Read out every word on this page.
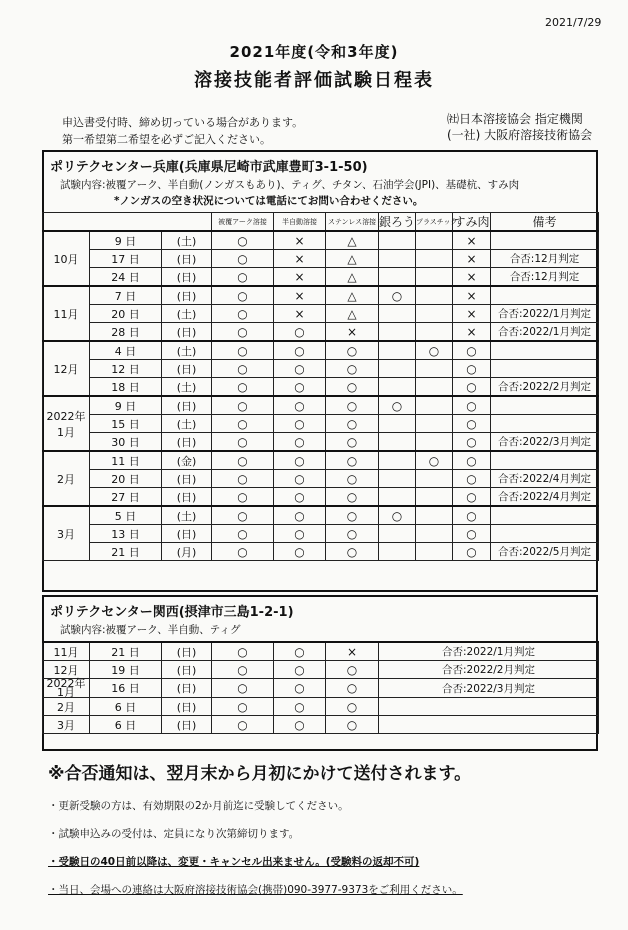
2021/7/29
2021年度(令和3年度)
溶接技能者評価試験日程表
申込書受付時、締め切っている場合があります。
第一希望第二希望を必ずご記入ください。
㈳日本溶接協会 指定機関
(一社) 大阪府溶接技術協会
ポリテクセンター兵庫(兵庫県尼崎市武庫豊町3-1-50)
試験内容:被覆アーク、半自動(ノンガスもあり)、ティグ、チタン、石油学会(JPI)、基礎杭、すみ肉
*ノンガスの空き状況については電話にてお問い合わせください。
			被覆アーク溶接	半自動溶接	ステンレス溶接	銀ろう	プラスチック	すみ肉	備考
10月	9 日	(土)	○	×	△			×	
	17 日	(日)	○	×	△			×	合否:12月判定
	24 日	(日)	○	×	△			×	合否:12月判定
11月	7 日	(日)	○	×	△	○		×	
	20 日	(土)	○	×	△			×	合否:2022/1月判定
	28 日	(日)	○	○	×			×	合否:2022/1月判定
12月	4 日	(土)	○	○	○		○	○	
	12 日	(日)	○	○	○			○	
	18 日	(土)	○	○	○			○	合否:2022/2月判定
2022年
1月	9 日	(日)	○	○	○	○		○	
	15 日	(土)	○	○	○			○	
	30 日	(日)	○	○	○			○	合否:2022/3月判定
2月	11 日	(金)	○	○	○		○	○	
	20 日	(日)	○	○	○			○	合否:2022/4月判定
	27 日	(日)	○	○	○			○	合否:2022/4月判定
3月	5 日	(土)	○	○	○	○		○	
	13 日	(日)	○	○	○			○	
	21 日	(月)	○	○	○			○	合否:2022/5月判定
ポリテクセンター関西(摂津市三島1-2-1)
試験内容:被覆アーク、半自動、ティグ
11月	21 日	(日)	○	○	×	合否:2022/1月判定
12月	19 日	(日)	○	○	○	合否:2022/2月判定
2022年
1月	16 日	(日)	○	○	○	合否:2022/3月判定
2月	6 日	(日)	○	○	○	
3月	6 日	(日)	○	○	○	
※合否通知は、翌月末から月初にかけて送付されます。
・更新受験の方は、有効期限の2か月前迄に受験してください。
・試験申込みの受付は、定員になり次第締切ります。
・受験日の40日前以降は、変更・キャンセル出来ません。(受験料の返却不可)
・当日、会場への連絡は大阪府溶接技術協会(携帯)090-3977-9373をご利用ください。
